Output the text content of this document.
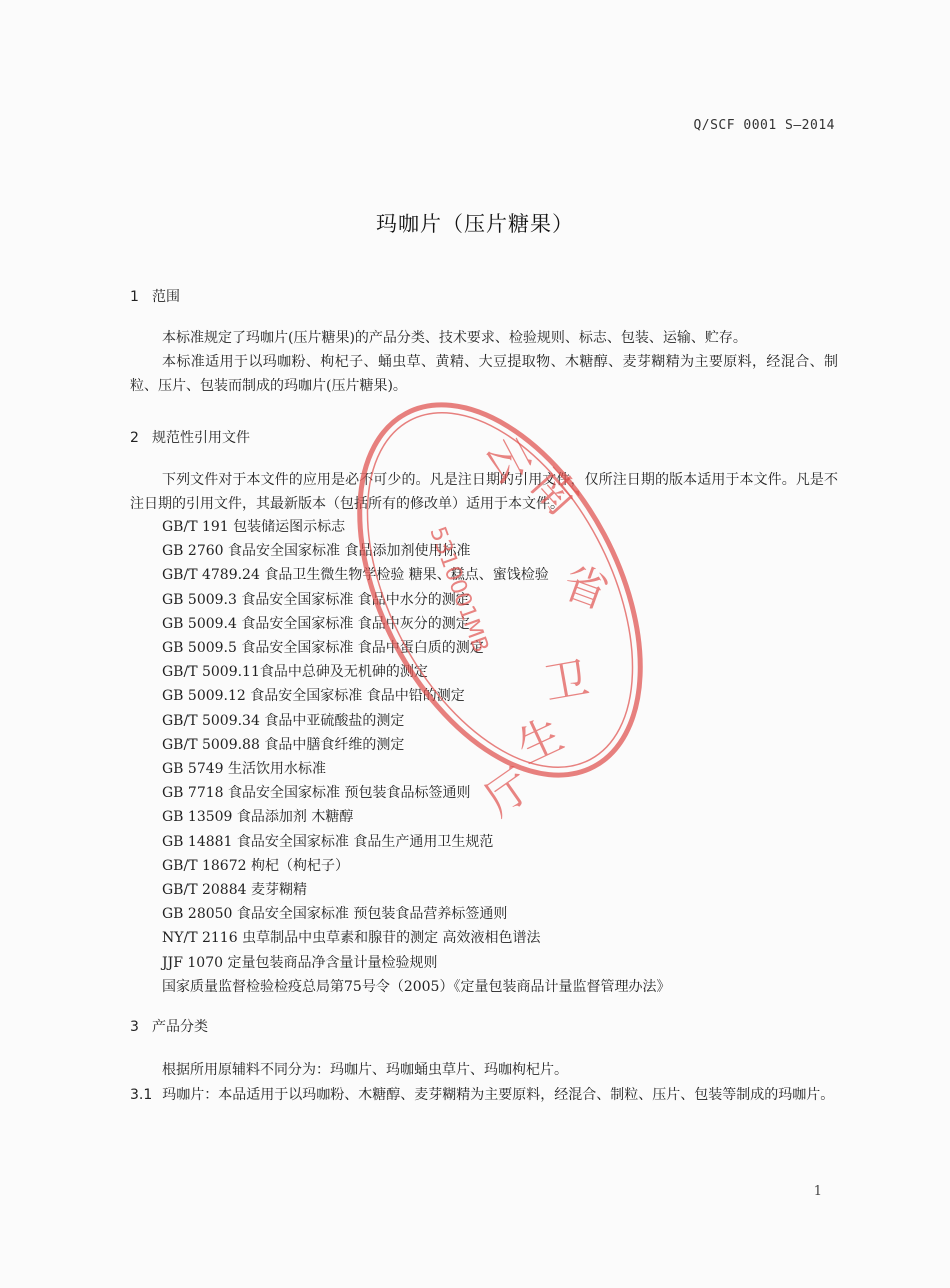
Q/SCF 0001 S—2014
玛咖片（压片糖果）
1 范围
本标准规定了玛咖片(压片糖果)的产品分类、技术要求、检验规则、标志、包装、运输、贮存。
本标准适用于以玛咖粉、枸杞子、蛹虫草、黄精、大豆提取物、木糖醇、麦芽糊精为主要原料，经混合、制粒、压片、包装而制成的玛咖片(压片糖果)。
2 规范性引用文件
下列文件对于本文件的应用是必不可少的。凡是注日期的引用文件，仅所注日期的版本适用于本文件。凡是不注日期的引用文件，其最新版本（包括所有的修改单）适用于本文件。
GB/T 191 包装储运图示标志
GB 2760 食品安全国家标准 食品添加剂使用标准
GB/T 4789.24 食品卫生微生物学检验 糖果、糕点、蜜饯检验
GB 5009.3 食品安全国家标准 食品中水分的测定
GB 5009.4 食品安全国家标准 食品中灰分的测定
GB 5009.5 食品安全国家标准 食品中蛋白质的测定
GB/T 5009.11食品中总砷及无机砷的测定
GB 5009.12 食品安全国家标准 食品中铅的测定
GB/T 5009.34 食品中亚硫酸盐的测定
GB/T 5009.88 食品中膳食纤维的测定
GB 5749 生活饮用水标准
GB 7718 食品安全国家标准 预包装食品标签通则
GB 13509 食品添加剂 木糖醇
GB 14881 食品安全国家标准 食品生产通用卫生规范
GB/T 18672 枸杞（枸杞子）
GB/T 20884 麦芽糊精
GB 28050 食品安全国家标准 预包装食品营养标签通则
NY/T 2116 虫草制品中虫草素和腺苷的测定 高效液相色谱法
JJF 1070 定量包装商品净含量计量检验规则
国家质量监督检验检疫总局第75号令（2005）《定量包装商品计量监督管理办法》
3 产品分类
根据所用原辅料不同分为：玛咖片、玛咖蛹虫草片、玛咖枸杞片。
3.1 玛咖片：本品适用于以玛咖粉、木糖醇、麦芽糊精为主要原料，经混合、制粒、压片、包装等制成的玛咖片。
1
云
南
省
卫
生
厅
5310001MB
